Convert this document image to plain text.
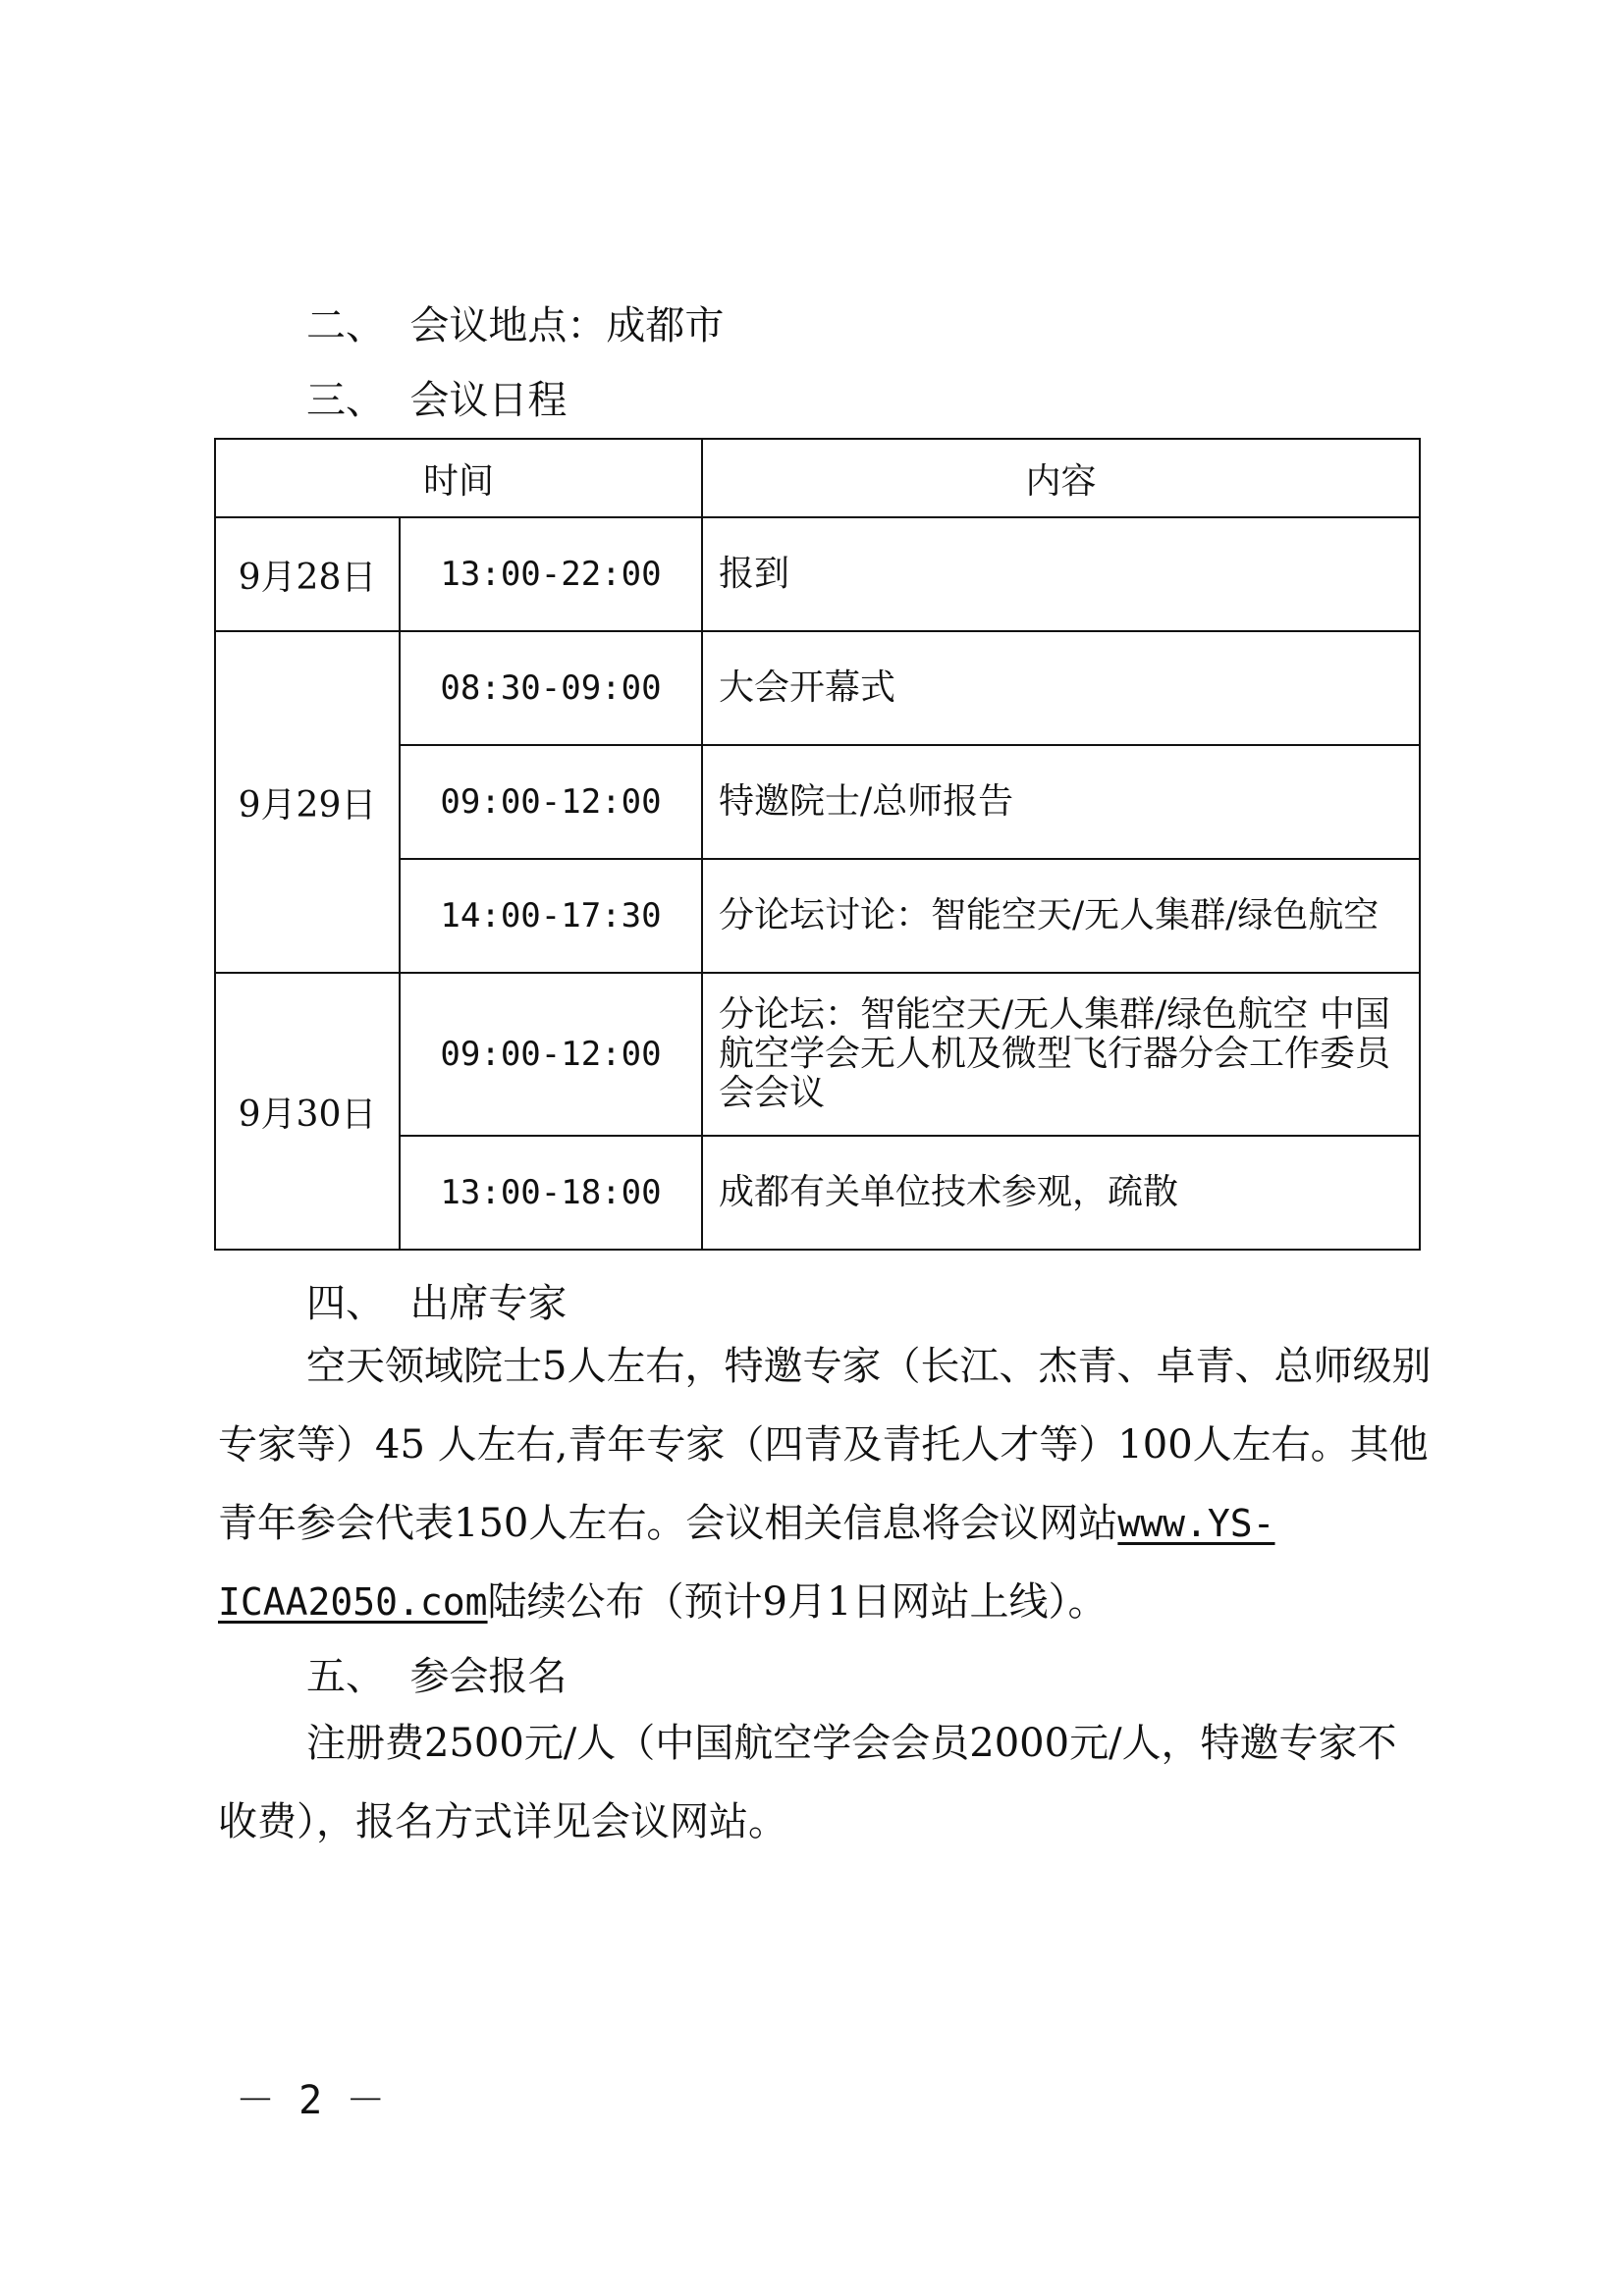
二、 会议地点：成都市
三、 会议日程
时间		内容
9月28日	13:00-22:00	报到
9月29日	08:30-09:00	大会开幕式
	09:00-12:00	特邀院士/总师报告
	14:00-17:30	分论坛讨论：智能空天/无人集群/绿色航空
9月30日	09:00-12:00	分论坛：智能空天/无人集群/绿色航空 中国航空学会无人机及微型飞行器分会工作委员会会议
	13:00-18:00	成都有关单位技术参观，疏散
四、 出席专家

空天领域院士5人左右，特邀专家（长江、杰青、卓青、总师级别专家等）45 人左右,青年专家（四青及青托人才等）100人左右。其他青年参会代表150人左右。会议相关信息将会议网站www.YS-ICAA2050.com陆续公布（预计9月1日网站上线）。

五、 参会报名

注册费2500元/人（中国航空学会会员2000元/人，特邀专家不收费），报名方式详见会议网站。

－ 2 －
